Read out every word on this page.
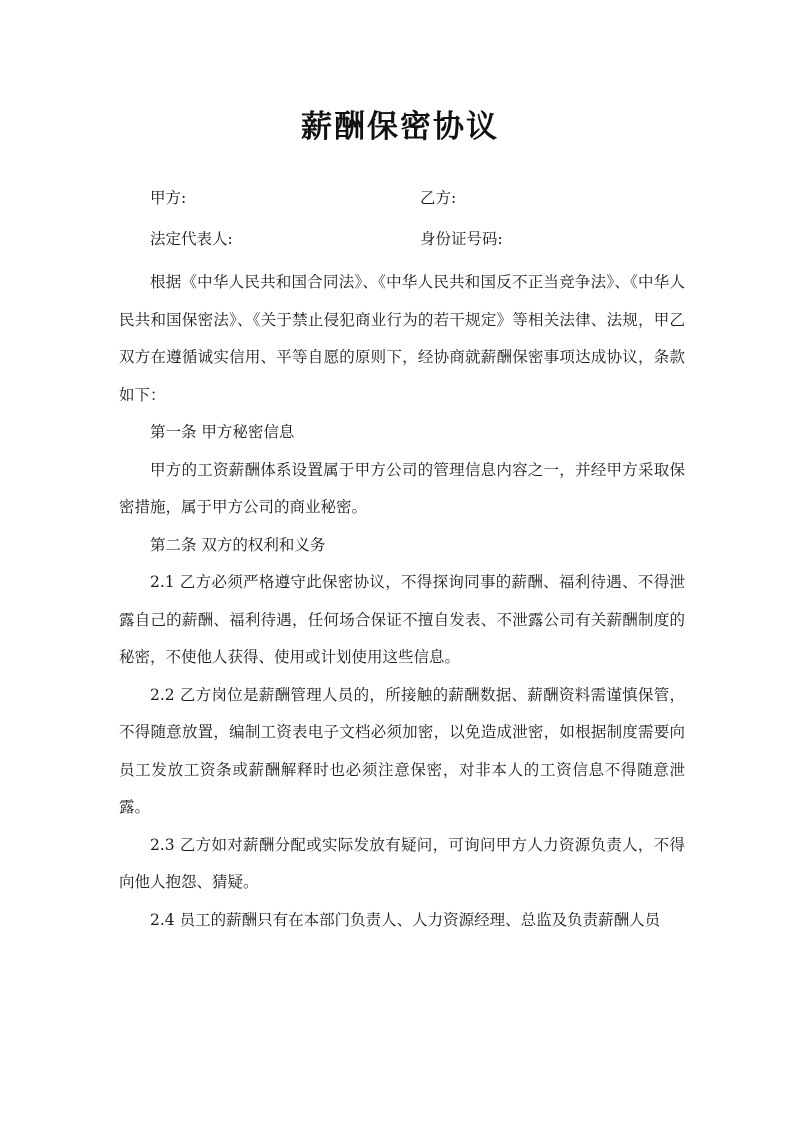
薪酬保密协议
甲方:	乙方:
法定代表人:	身份证号码:

根据《中华人民共和国合同法》、《中华人民共和国反不正当竞争法》、《中华人民共和国保密法》、《关于禁止侵犯商业行为的若干规定》等相关法律、法规，甲乙双方在遵循诚实信用、平等自愿的原则下，经协商就薪酬保密事项达成协议，条款如下：

第一条 甲方秘密信息

甲方的工资薪酬体系设置属于甲方公司的管理信息内容之一，并经甲方采取保密措施，属于甲方公司的商业秘密。

第二条 双方的权利和义务

2.1 乙方必须严格遵守此保密协议，不得探询同事的薪酬、福利待遇、不得泄露自己的薪酬、福利待遇，任何场合保证不擅自发表、不泄露公司有关薪酬制度的秘密，不使他人获得、使用或计划使用这些信息。

2.2 乙方岗位是薪酬管理人员的，所接触的薪酬数据、薪酬资料需谨慎保管，不得随意放置，编制工资表电子文档必须加密，以免造成泄密，如根据制度需要向员工发放工资条或薪酬解释时也必须注意保密，对非本人的工资信息不得随意泄露。

2.3 乙方如对薪酬分配或实际发放有疑问，可询问甲方人力资源负责人，不得向他人抱怨、猜疑。

2.4 员工的薪酬只有在本部门负责人、人力资源经理、总监及负责薪酬人员
